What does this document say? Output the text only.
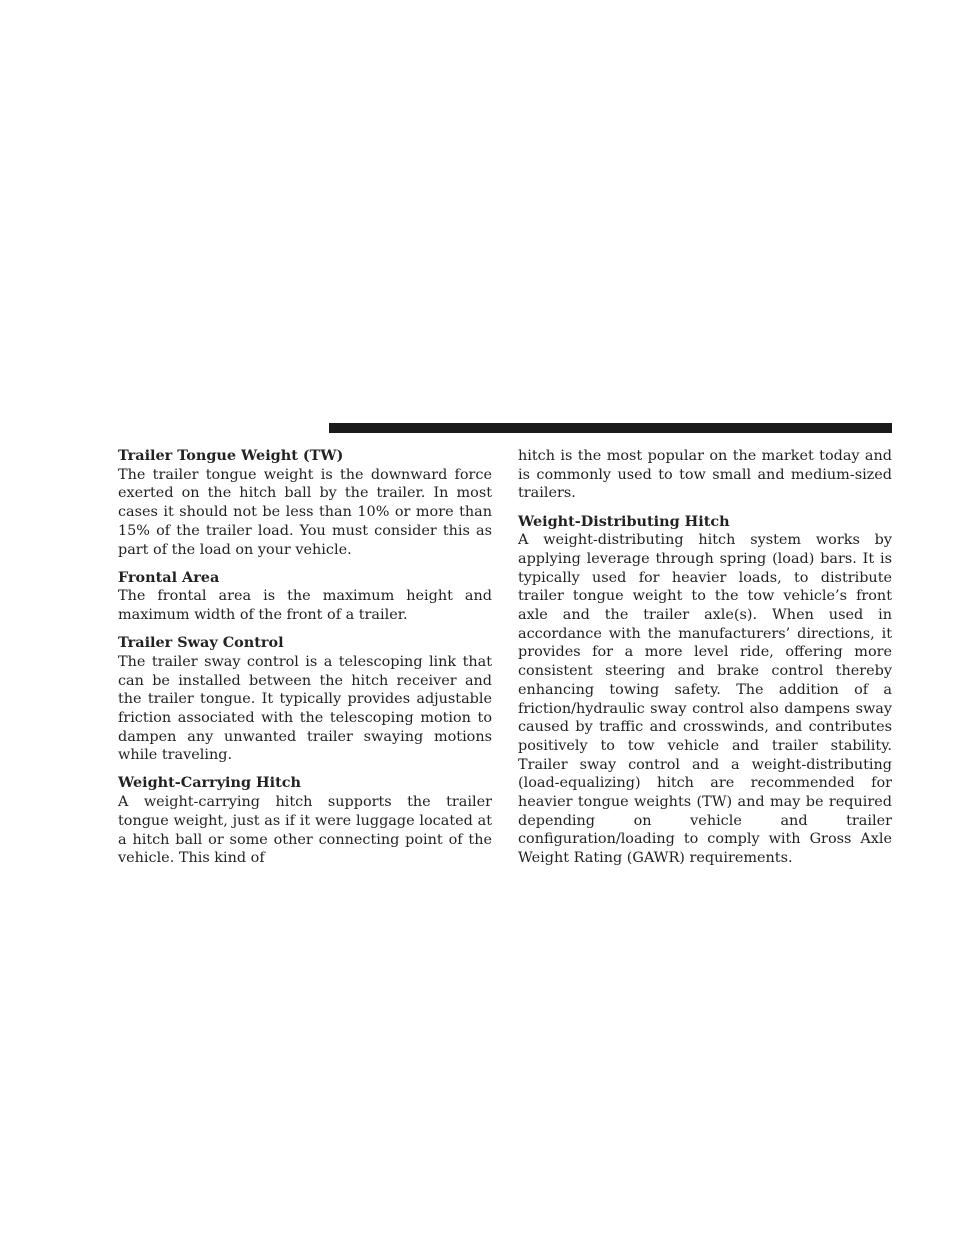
Trailer Tongue Weight (TW)

The trailer tongue weight is the downward force exerted on the hitch ball by the trailer. In most cases it should not be less than 10% or more than 15% of the trailer load. You must consider this as part of the load on your vehicle.

Frontal Area

The frontal area is the maximum height and maximum width of the front of a trailer.

Trailer Sway Control

The trailer sway control is a telescoping link that can be installed between the hitch receiver and the trailer tongue. It typically provides adjustable friction associated with the telescoping motion to dampen any unwanted trailer swaying motions while traveling.

Weight-Carrying Hitch

A weight-carrying hitch supports the trailer tongue weight, just as if it were luggage located at a hitch ball or some other connecting point of the vehicle. This kind of

hitch is the most popular on the market today and is commonly used to tow small and medium-sized trailers.

Weight-Distributing Hitch

A weight-distributing hitch system works by applying leverage through spring (load) bars. It is typically used for heavier loads, to distribute trailer tongue weight to the tow vehicle’s front axle and the trailer axle(s). When used in accordance with the manufacturers’ directions, it provides for a more level ride, offering more consistent steering and brake control thereby enhancing towing safety. The addition of a friction/hydraulic sway control also dampens sway caused by traffic and crosswinds, and contributes positively to tow vehicle and trailer stability. Trailer sway control and a weight-distributing (load-equalizing) hitch are recommended for heavier tongue weights (TW) and may be required depending on vehicle and trailer configuration/loading to comply with Gross Axle Weight Rating (GAWR) requirements.
